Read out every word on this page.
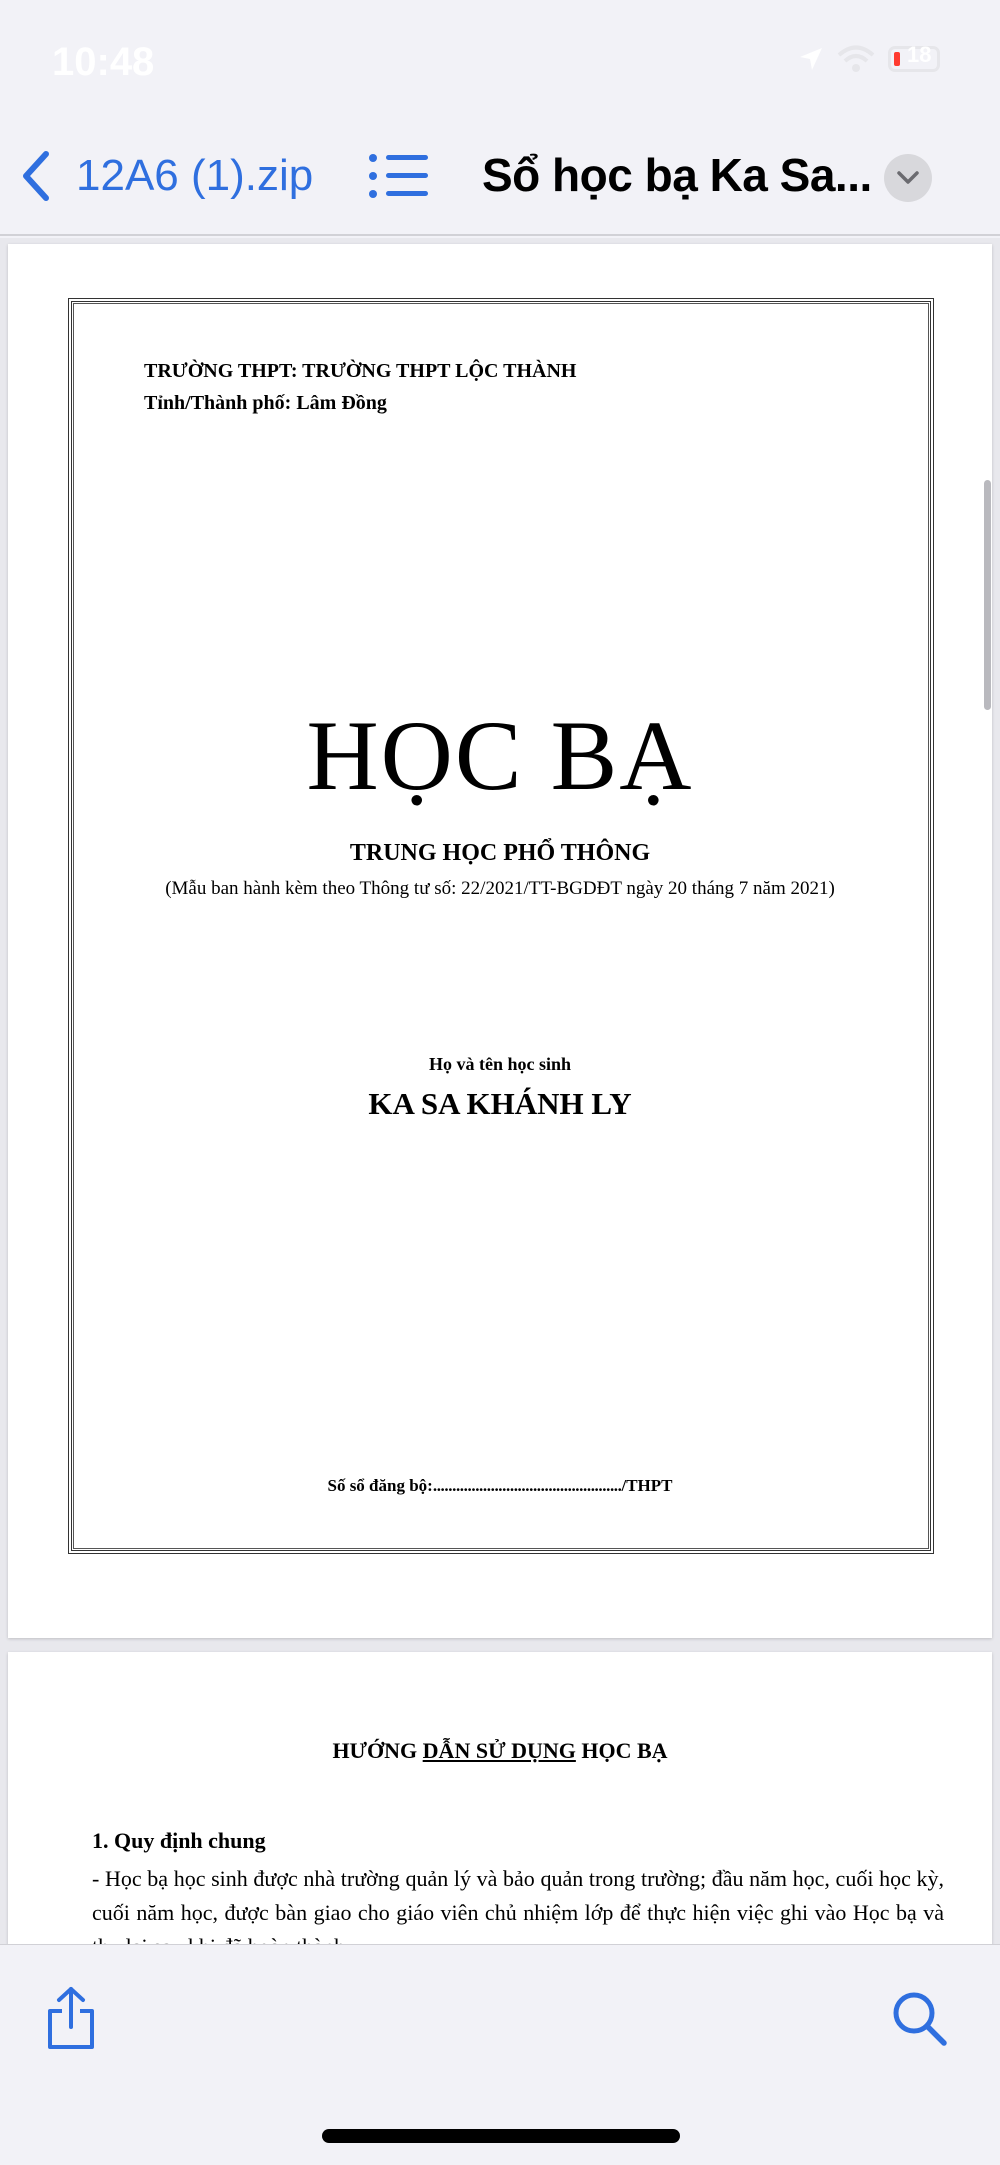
10:48	18
12A6 (1).zip	Sổ học bạ Ka Sa...
TRƯỜNG THPT: TRƯỜNG THPT LỘC THÀNH
Tỉnh/Thành phố: Lâm Đồng
HỌC BẠ
TRUNG HỌC PHỔ THÔNG
(Mẫu ban hành kèm theo Thông tư số: 22/2021/TT-BGDĐT ngày 20 tháng 7 năm 2021)
Họ và tên học sinh
KA SA KHÁNH LY
Số sổ đăng bộ:................................................./THPT
HƯỚNG DẪN SỬ DỤNG HỌC BẠ
1. Quy định chung
- Học bạ học sinh được nhà trường quản lý và bảo quản trong trường; đầu năm học, cuối học kỳ, cuối năm học, được bàn giao cho giáo viên chủ nhiệm lớp để thực hiện việc ghi vào Học bạ và
